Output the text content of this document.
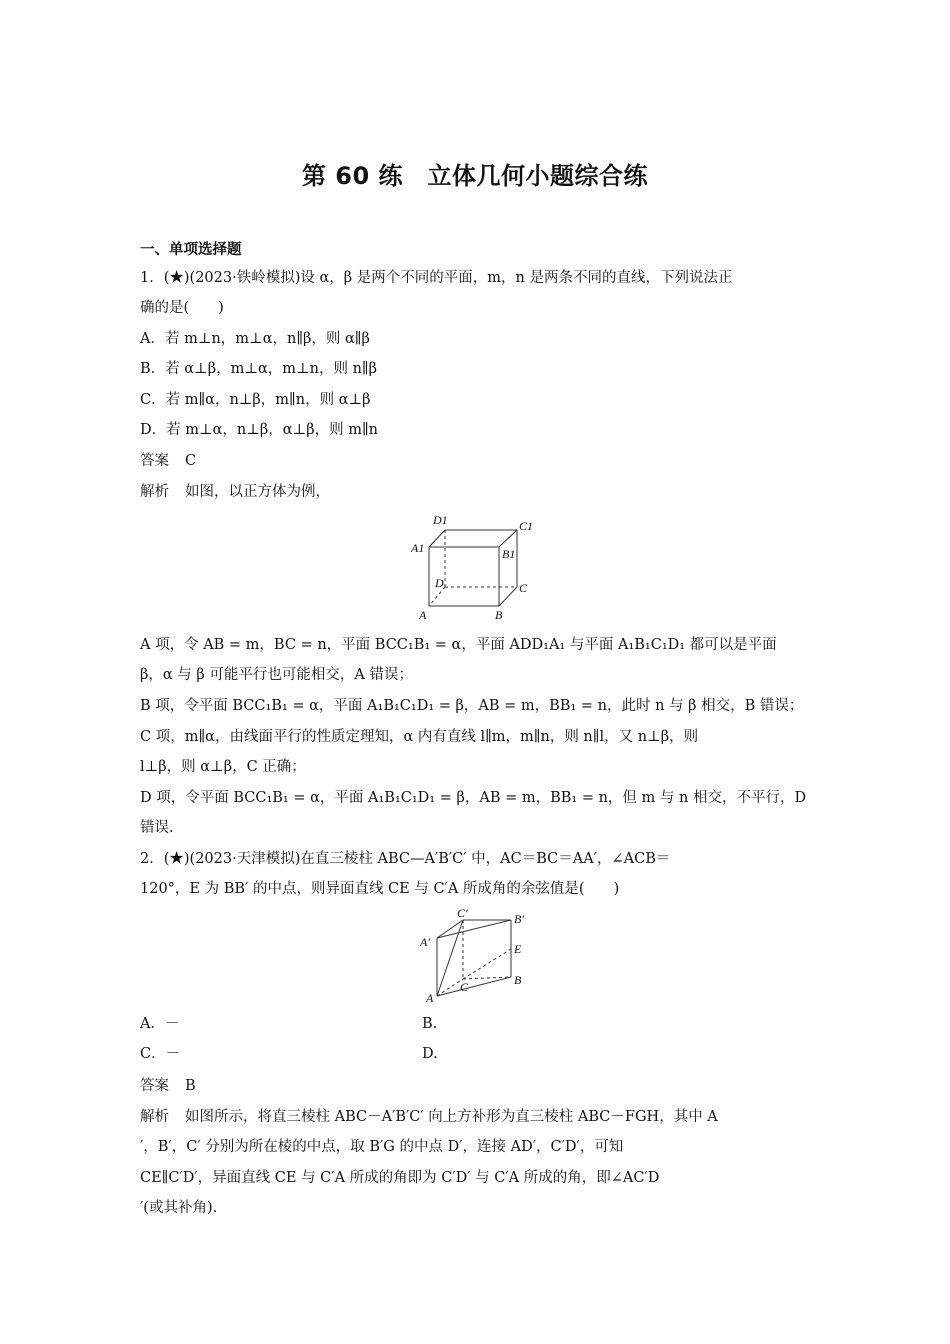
第 60 练　立体几何小题综合练
一、单项选择题
1．(★)(2023·铁岭模拟)设 α，β 是两个不同的平面，m，n 是两条不同的直线，下列说法正
确的是(　　)
A．若 m⊥n，m⊥α，n∥β，则 α∥β
B．若 α⊥β，m⊥α，m⊥n，则 n∥β
C．若 m∥α，n⊥β，m∥n，则 α⊥β
D．若 m⊥α，n⊥β，α⊥β，则 m∥n
答案 C
解析 如图，以正方体为例，
D1	C1
A1	B1
D	C
A	B
A 项，令 AB = m，BC = n，平面 BCC₁B₁ = α，平面 ADD₁A₁ 与平面 A₁B₁C₁D₁ 都可以是平面
β，α 与 β 可能平行也可能相交，A 错误；
B 项，令平面 BCC₁B₁ = α，平面 A₁B₁C₁D₁ = β，AB = m，BB₁ = n，此时 n 与 β 相交，B 错误；
C 项，m∥α，由线面平行的性质定理知，α 内有直线 l∥m，m∥n，则 n∥l，又 n⊥β，则
l⊥β，则 α⊥β，C 正确；
D 项，令平面 BCC₁B₁ = α，平面 A₁B₁C₁D₁ = β，AB = m，BB₁ = n，但 m 与 n 相交，不平行，D
错误.
2．(★)(2023·天津模拟)在直三棱柱 ABC—A′B′C′ 中，AC＝BC＝AA′，∠ACB＝
120°，E 为 BB′ 的中点，则异面直线 CE 与 C′A 所成角的余弦值是(　　)
C′	B′
A′	E
C	B
A
A．－	B.
C．－	D.
答案 B
解析 如图所示，将直三棱柱 ABC－A′B′C′ 向上方补形为直三棱柱 ABC－FGH，其中 A
′，B′，C′ 分别为所在棱的中点，取 B′G 的中点 D′，连接 AD′，C′D′，可知
CE∥C′D′，异面直线 CE 与 C′A 所成的角即为 C′D′ 与 C′A 所成的角，即∠AC′D
′(或其补角).
